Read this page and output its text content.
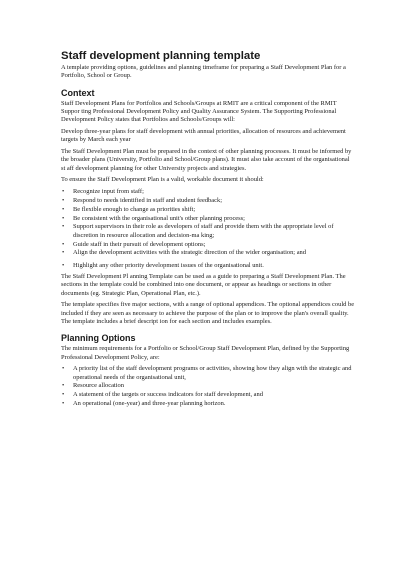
Staff development planning template

A template providing options, guidelines and planning timeframe for preparing a Staff Development Plan for a Portfolio, School or Group.

Context

Staff Development Plans for Portfolios and Schools/Groups at RMIT are a critical component of the RMIT Suppor ting Professional Development Policy and Quality Assurance System. The Supporting Professional Development Policy states that Portfolios and Schools/Groups will:

Develop three-year plans for staff development with annual priorities, allocation of resources and achievement targets by March each year

The Staff Development Plan must be prepared in the context of other planning processes. It must be informed by the broader plans (University, Portfolio and School/Group plans). It must also take account of the organisational st aff development planning for other University projects and strategies.

To ensure the Staff Development Plan is a valid, workable document it should:

• Recognize input from staff;
• Respond to needs identified in staff and student feedback;
• Be flexible enough to change as priorities shift;
• Be consistent with the organisational unit's other planning process;
• Support supervisors in their role as developers of staff and provide them with the appropriate level of discretion in resource allocation and decision-ma king;
• Guide staff in their pursuit of development options;
• Align the development activities with the strategic direction of the wider organisation; and
• Highlight any other priority development issues of the organisational unit.

The Staff Development Pl anning Template can be used as a guide to preparing a Staff Development Plan. The sections in the template could be combined into one document, or appear as headings or sections in other documents (eg. Strategic Plan, Operational Plan, etc.).

The template specifies five major sections, with a range of optional appendices. The optional appendices could be included if they are seen as necessary to achieve the purpose of the plan or to improve the plan's overall quality. The template includes a brief descript ion for each section and includes examples.

Planning Options

The minimum requirements for a Portfolio or School/Group Staff Development Plan, defined by the Supporting Professional Development Policy, are:

• A priority list of the staff development programs or activities, showing how they align with the strategic and operational needs of the organisational unit,
• Resource allocation
• A statement of the targets or success indicators for staff development, and
• An operational (one-year) and three-year planning horizon.
